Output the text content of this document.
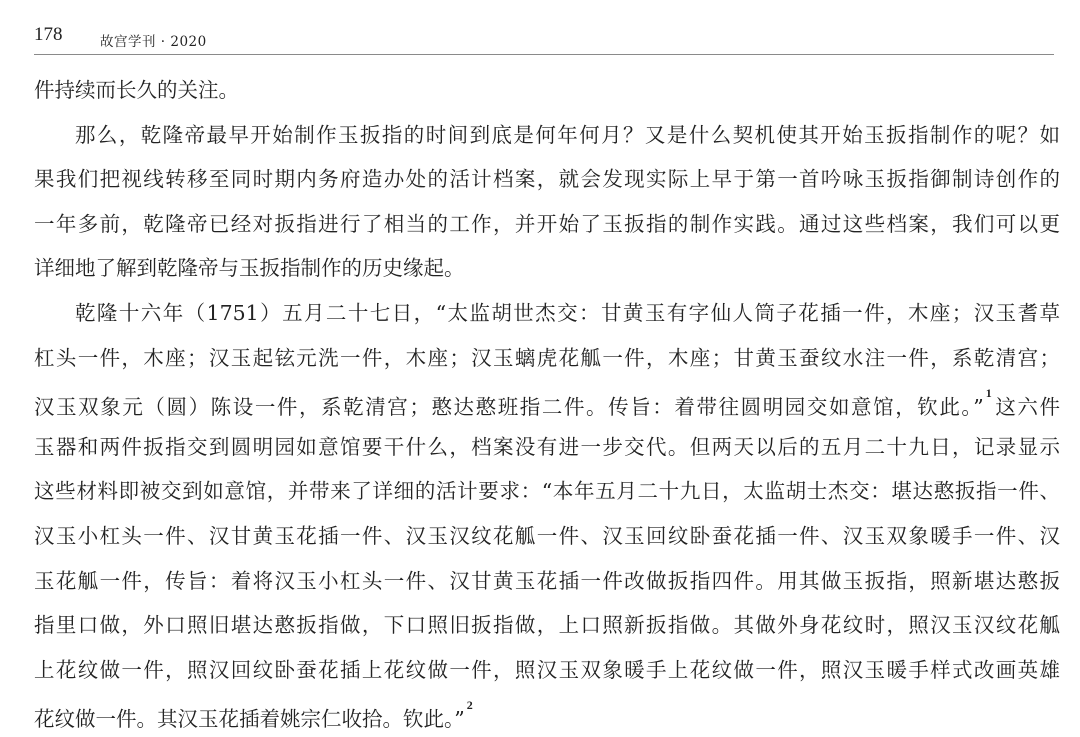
178	故宫学刊 · 2020
件持续而长久的关注。
那么，乾隆帝最早开始制作玉扳指的时间到底是何年何月？又是什么契机使其开始玉扳指制作的呢？如
果我们把视线转移至同时期内务府造办处的活计档案，就会发现实际上早于第一首吟咏玉扳指御制诗创作的
一年多前，乾隆帝已经对扳指进行了相当的工作，并开始了玉扳指的制作实践。通过这些档案，我们可以更
详细地了解到乾隆帝与玉扳指制作的历史缘起。
乾隆十六年（1751）五月二十七日，“太监胡世杰交：甘黄玉有字仙人筒子花插一件，木座；汉玉耆草
杠头一件，木座；汉玉起铉元洗一件，木座；汉玉螭虎花觚一件，木座；甘黄玉蚕纹水注一件，系乾清宫；
汉玉双象元（圆）陈设一件，系乾清宫；憨达憨班指二件。传旨：着带往圆明园交如意馆，钦此。”$^1$这六件
玉器和两件扳指交到圆明园如意馆要干什么，档案没有进一步交代。但两天以后的五月二十九日，记录显示
这些材料即被交到如意馆，并带来了详细的活计要求：“本年五月二十九日，太监胡士杰交：堪达憨扳指一件、
汉玉小杠头一件、汉甘黄玉花插一件、汉玉汉纹花觚一件、汉玉回纹卧蚕花插一件、汉玉双象暖手一件、汉
玉花觚一件，传旨：着将汉玉小杠头一件、汉甘黄玉花插一件改做扳指四件。用其做玉扳指，照新堪达憨扳
指里口做，外口照旧堪达憨扳指做，下口照旧扳指做，上口照新扳指做。其做外身花纹时，照汉玉汉纹花觚
上花纹做一件，照汉回纹卧蚕花插上花纹做一件，照汉玉双象暖手上花纹做一件，照汉玉暖手样式改画英雄
花纹做一件。其汉玉花插着姚宗仁收拾。钦此。”$^2$
